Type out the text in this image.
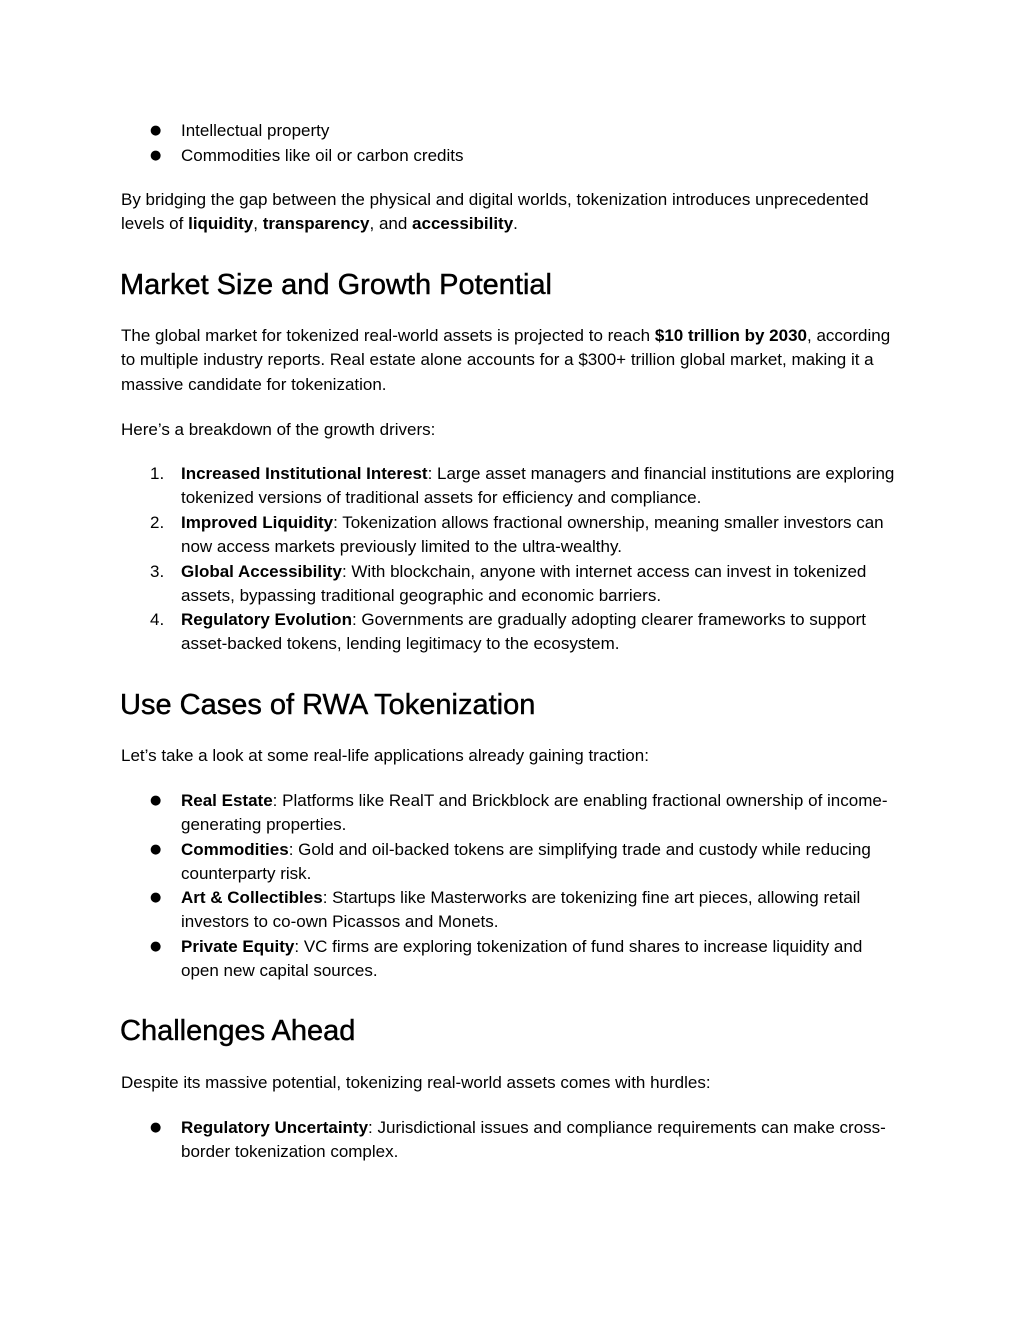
● Intellectual property
● Commodities like oil or carbon credits

By bridging the gap between the physical and digital worlds, tokenization introduces unprecedented levels of liquidity, transparency, and accessibility.

Market Size and Growth Potential

The global market for tokenized real-world assets is projected to reach $10 trillion by 2030, according to multiple industry reports. Real estate alone accounts for a $300+ trillion global market, making it a massive candidate for tokenization.

Here’s a breakdown of the growth drivers:

1. Increased Institutional Interest: Large asset managers and financial institutions are exploring tokenized versions of traditional assets for efficiency and compliance.
2. Improved Liquidity: Tokenization allows fractional ownership, meaning smaller investors can now access markets previously limited to the ultra-wealthy.
3. Global Accessibility: With blockchain, anyone with internet access can invest in tokenized assets, bypassing traditional geographic and economic barriers.
4. Regulatory Evolution: Governments are gradually adopting clearer frameworks to support asset-backed tokens, lending legitimacy to the ecosystem.
Use Cases of RWA Tokenization

Let’s take a look at some real-life applications already gaining traction:

● Real Estate: Platforms like RealT and Brickblock are enabling fractional ownership of income-generating properties.
● Commodities: Gold and oil-backed tokens are simplifying trade and custody while reducing counterparty risk.
● Art & Collectibles: Startups like Masterworks are tokenizing fine art pieces, allowing retail investors to co-own Picassos and Monets.
● Private Equity: VC firms are exploring tokenization of fund shares to increase liquidity and open new capital sources.
Challenges Ahead

Despite its massive potential, tokenizing real-world assets comes with hurdles:

● Regulatory Uncertainty: Jurisdictional issues and compliance requirements can make cross-border tokenization complex.
